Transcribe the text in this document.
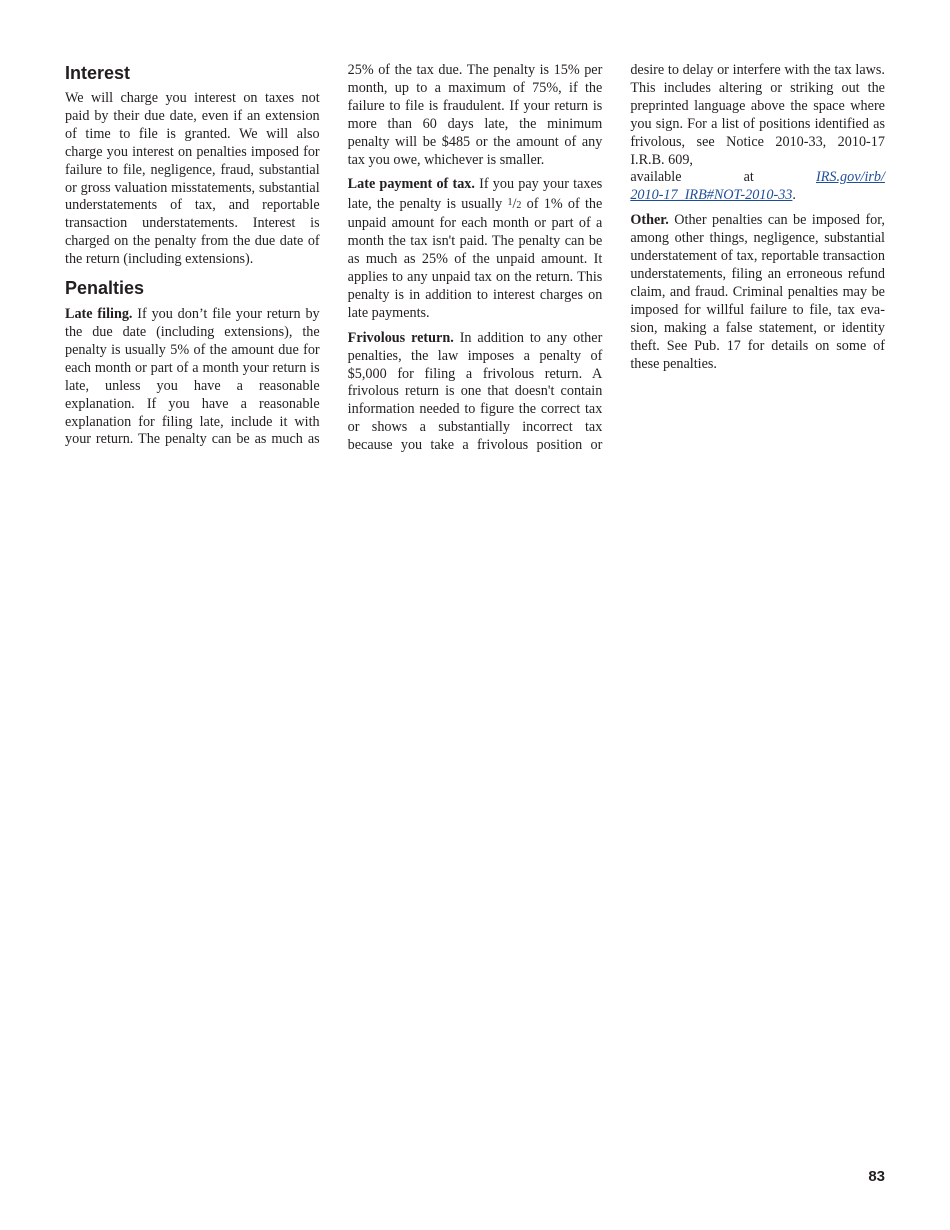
83
Interest

We will charge you interest on taxes not paid by their due date, even if an extension of time to file is granted. We will also charge you interest on penalties imposed for failure to file, negligence, fraud, substantial or gross valuation misstatements, substantial understatements of tax, and reportable transaction understatements. Interest is charged on the penalty from the due date of the return (including extensions).

Penalties

Late filing. If you don’t file your return by the due date (including extensions), the penalty is usually 5% of the amount due for each month or part of a month your return is late, unless you have a reasonable explanation. If you have a reasonable explanation for filing late, include it with your return. The penalty can be as much as 25% of the tax due. The penalty is 15% per month, up to a maximum of 75%, if the failure to file is fraudulent. If your return is more than 60 days late, the minimum penalty will be $485 or the amount of any tax you owe, whichever is smaller.

Late payment of tax. If you pay your taxes late, the penalty is usually $^1$/2 of 1% of the unpaid amount for each month or part of a month the tax isn't paid. The penalty can be as much as 25% of the unpaid amount. It applies to any unpaid tax on the return. This penalty is in addition to interest charges on late payments.

Frivolous return. In addition to any other penalties, the law imposes a penalty of $5,000 for filing a frivolous return. A frivolous return is one that doesn't contain information needed to figure the correct tax or shows a substantially incorrect tax because you take a frivolous position or desire to delay or interfere with the tax laws. This includes altering or striking out the preprinted language above the space where you sign. For a list of positions identified as frivolous, see Notice 2010-33, 2010-17 I.R.B. 609,
available	at	IRS.gov/irb/
2010-17_IRB#NOT-2010-33.

Other. Other penalties can be imposed for, among other things, negligence, substantial understatement of tax, reportable transaction understatements, filing an erroneous refund claim, and fraud. Criminal penalties may be imposed for willful failure to file, tax evasion, making a false statement, or identity theft. See Pub. 17 for details on some of these penalties.
